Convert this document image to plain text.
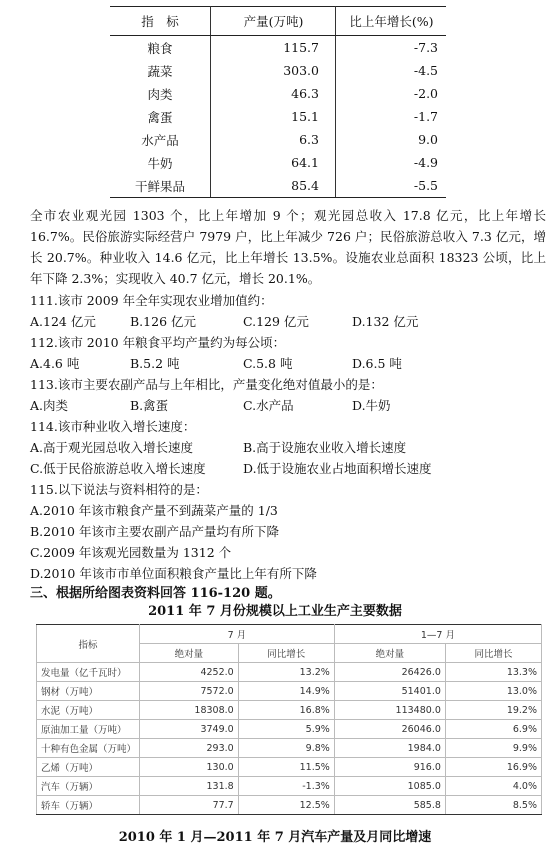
指　标	产量(万吨)	比上年增长(%)
粮食	115.7	-7.3
蔬菜	303.0	-4.5
肉类	46.3	-2.0
禽蛋	15.1	-1.7
水产品	6.3	9.0
牛奶	64.1	-4.9
干鲜果品	85.4	-5.5
全市农业观光园 1303 个，比上年增加 9 个；观光园总收入 17.8 亿元，比上年增长 16.7%。民俗旅游实际经营户 7979 户，比上年减少 726 户；民俗旅游总收入 7.3 亿元，增长 20.7%。种业收入 14.6 亿元，比上年增长 13.5%。设施农业总面积 18323 公顷，比上年下降 2.3%；实现收入 40.7 亿元，增长 20.1%。
111.该市 2009 年全年实现农业增加值约：
A.124 亿元	B.126 亿元	C.129 亿元	D.132 亿元
112.该市 2010 年粮食平均产量约为每公顷：
A.4.6 吨	B.5.2 吨	C.5.8 吨	D.6.5 吨
113.该市主要农副产品与上年相比，产量变化绝对值最小的是：
A.肉类	B.禽蛋	C.水产品	D.牛奶
114.该市种业收入增长速度：
A.高于观光园总收入增长速度	B.高于设施农业收入增长速度
C.低于民俗旅游总收入增长速度	D.低于设施农业占地面积增长速度
115.以下说法与资料相符的是：
A.2010 年该市粮食产量不到蔬菜产量的 1/3
B.2010 年该市主要农副产品产量均有所下降
C.2009 年该观光园数量为 1312 个
D.2010 年该市市单位面积粮食产量比上年有所下降
三、根据所给图表资料回答 116-120 题。
2011 年 7 月份规模以上工业生产主要数据
指标	7 月		1—7 月	
	绝对量	同比增长	绝对量	同比增长
发电量（亿千瓦时）	4252.0	13.2%	26426.0	13.3%
钢材（万吨）	7572.0	14.9%	51401.0	13.0%
水泥（万吨）	18308.0	16.8%	113480.0	19.2%
原油加工量（万吨）	3749.0	5.9%	26046.0	6.9%
十种有色金属（万吨）	293.0	9.8%	1984.0	9.9%
乙烯（万吨）	130.0	11.5%	916.0	16.9%
汽车（万辆）	131.8	-1.3%	1085.0	4.0%
轿车（万辆）	77.7	12.5%	585.8	8.5%
2010 年 1 月—2011 年 7 月汽车产量及月同比增速
